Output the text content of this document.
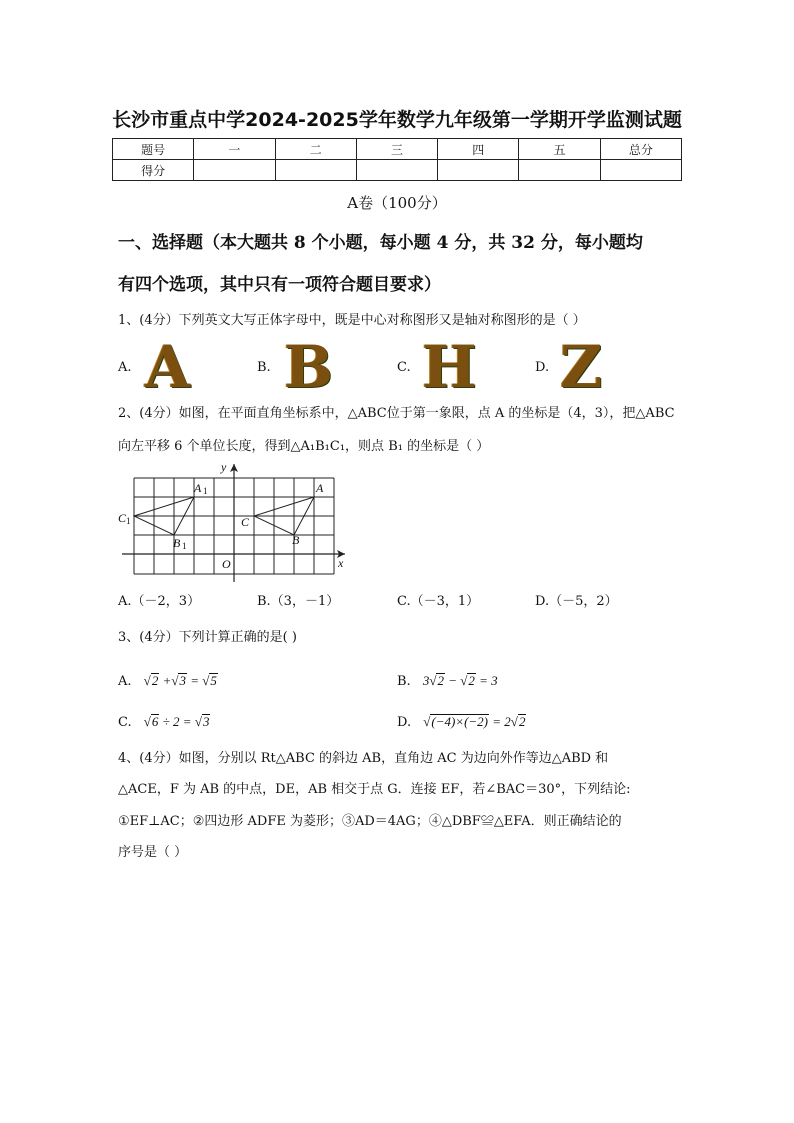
长沙市重点中学2024-2025学年数学九年级第一学期开学监测试题
题号	一	二	三	四	五	总分
得分						
A卷（100分）
一、选择题（本大题共 8 个小题，每小题 4 分，共 32 分，每小题均
有四个选项，其中只有一项符合题目要求）
1、(4分）下列英文大写正体字母中，既是中心对称图形又是轴对称图形的是（ ）
A. A	B. B	C. H	D. Z
2、(4分）如图，在平面直角坐标系中，△ABC位于第一象限，点 A 的坐标是（4，3），把△ABC
向左平移 6 个单位长度，得到△A₁B₁C₁，则点 B₁ 的坐标是（ ）
y
x
O
A
B
C
A 1
B 1
C 1
A.（－2，3）	B.（3，－1）	C.（－3，1）	D.（－5，2）
3、(4分）下列计算正确的是( )
A. √2 +√3 = √5	B. 3√2 − √2 = 3
C. √6 ÷ 2 = √3	D. √(−4)×(−2) = 2√2
4、(4分）如图，分别以 Rt△ABC 的斜边 AB，直角边 AC 为边向外作等边△ABD 和
△ACE，F 为 AB 的中点，DE，AB 相交于点 G．连接 EF，若∠BAC＝30°，下列结论:
①EF⊥AC；②四边形 ADFE 为菱形；③AD＝4AG；④△DBF≌△EFA．则正确结论的
序号是（ ）
